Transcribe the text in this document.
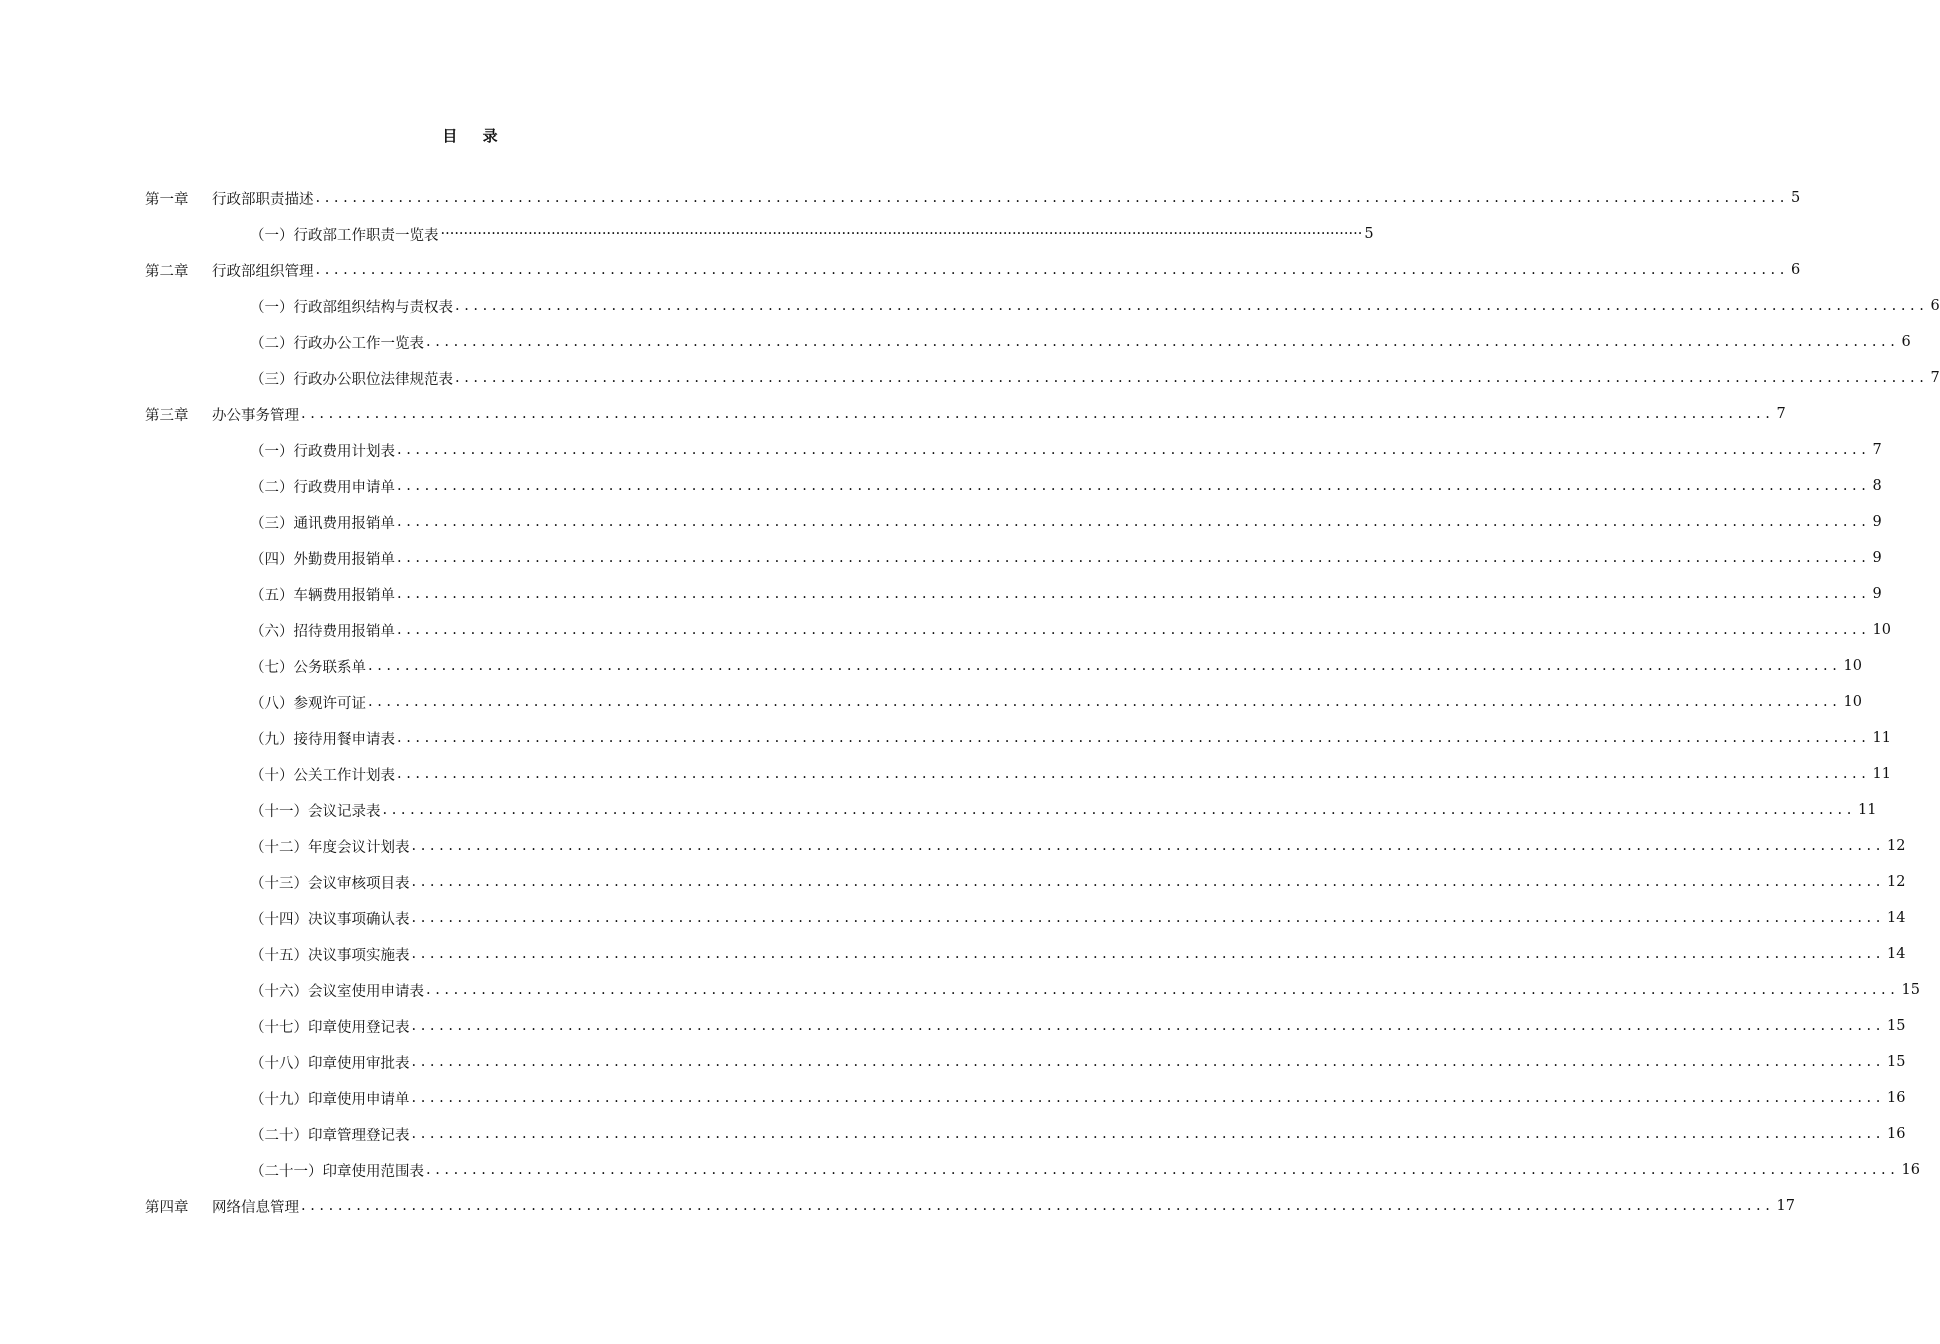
目 录
第一章	行政部职责描述 ................................................................................................................................................................ 5
（一）行政部工作职责一览表 ········································································································································································································ 5
第二章	行政部组织管理 ................................................................................................................................................................ 6
（一）行政部组织结构与责权表 ................................................................................................................................................................ 6
（二）行政办公工作一览表 ................................................................................................................................................................ 6
（三）行政办公职位法律规范表 ................................................................................................................................................................ 7
第三章	办公事务管理 ................................................................................................................................................................ 7
（一）行政费用计划表 ................................................................................................................................................................ 7
（二）行政费用申请单 ................................................................................................................................................................ 8
（三）通讯费用报销单 ................................................................................................................................................................ 9
（四）外勤费用报销单 ................................................................................................................................................................ 9
（五）车辆费用报销单 ................................................................................................................................................................ 9
（六）招待费用报销单 ................................................................................................................................................................ 10
（七）公务联系单 ................................................................................................................................................................ 10
（八）参观许可证 ................................................................................................................................................................ 10
（九）接待用餐申请表 ................................................................................................................................................................ 11
（十）公关工作计划表 ................................................................................................................................................................ 11
（十一）会议记录表 ................................................................................................................................................................ 11
（十二）年度会议计划表 ................................................................................................................................................................ 12
（十三）会议审核项目表 ................................................................................................................................................................ 12
（十四）决议事项确认表 ................................................................................................................................................................ 14
（十五）决议事项实施表 ................................................................................................................................................................ 14
（十六）会议室使用申请表 ................................................................................................................................................................ 15
（十七）印章使用登记表 ................................................................................................................................................................ 15
（十八）印章使用审批表 ................................................................................................................................................................ 15
（十九）印章使用申请单 ................................................................................................................................................................ 16
（二十）印章管理登记表 ................................................................................................................................................................ 16
（二十一）印章使用范围表 ................................................................................................................................................................ 16
第四章	网络信息管理 ................................................................................................................................................................ 17
